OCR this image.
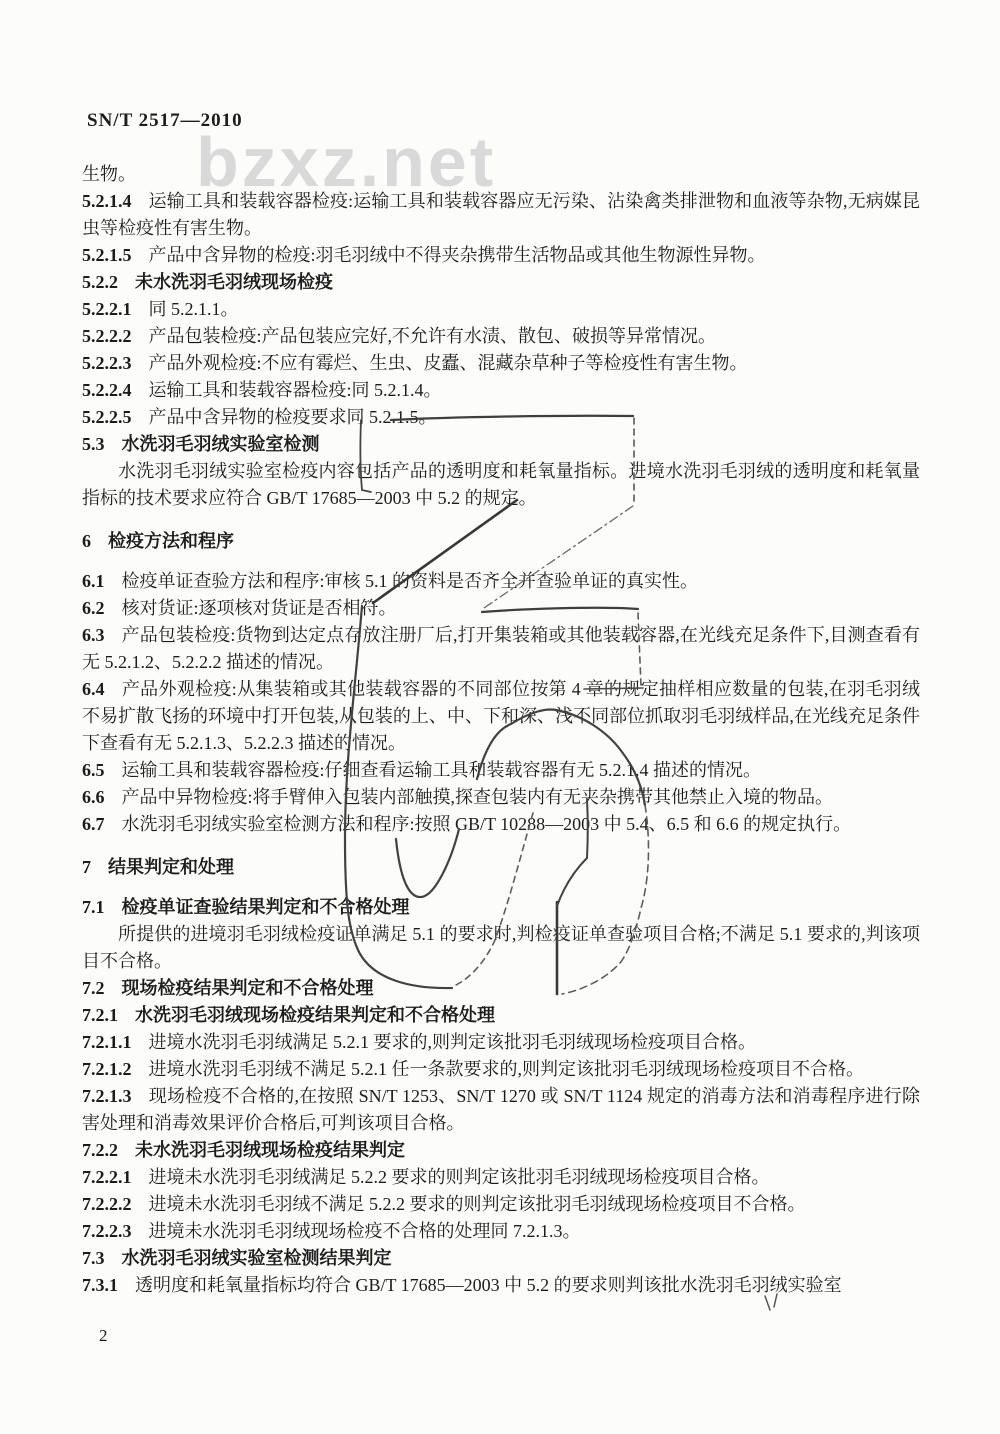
bzxz.net
SN/T 2517—2010
生物。
5.2.1.4 运输工具和装载容器检疫:运输工具和装载容器应无污染、沾染禽类排泄物和血液等杂物,无病媒昆虫等检疫性有害生物。
5.2.1.5 产品中含异物的检疫:羽毛羽绒中不得夹杂携带生活物品或其他生物源性异物。
5.2.2 未水洗羽毛羽绒现场检疫
5.2.2.1 同 5.2.1.1。
5.2.2.2 产品包装检疫:产品包装应完好,不允许有水渍、散包、破损等异常情况。
5.2.2.3 产品外观检疫:不应有霉烂、生虫、皮蠹、混藏杂草种子等检疫性有害生物。
5.2.2.4 运输工具和装载容器检疫:同 5.2.1.4。
5.2.2.5 产品中含异物的检疫要求同 5.2.1.5。
5.3 水洗羽毛羽绒实验室检测
水洗羽毛羽绒实验室检疫内容包括产品的透明度和耗氧量指标。进境水洗羽毛羽绒的透明度和耗氧量指标的技术要求应符合 GB/T 17685—2003 中 5.2 的规定。
6 检疫方法和程序
6.1 检疫单证查验方法和程序:审核 5.1 的资料是否齐全并查验单证的真实性。
6.2 核对货证:逐项核对货证是否相符。
6.3 产品包装检疫:货物到达定点存放注册厂后,打开集装箱或其他装载容器,在光线充足条件下,目测查看有无 5.2.1.2、5.2.2.2 描述的情况。
6.4 产品外观检疫:从集装箱或其他装载容器的不同部位按第 4 章的规定抽样相应数量的包装,在羽毛羽绒不易扩散飞扬的环境中打开包装,从包装的上、中、下和深、浅不同部位抓取羽毛羽绒样品,在光线充足条件下查看有无 5.2.1.3、5.2.2.3 描述的情况。
6.5 运输工具和装载容器检疫:仔细查看运输工具和装载容器有无 5.2.1.4 描述的情况。
6.6 产品中异物检疫:将手臂伸入包装内部触摸,探查包装内有无夹杂携带其他禁止入境的物品。
6.7 水洗羽毛羽绒实验室检测方法和程序:按照 GB/T 10288—2003 中 5.4、6.5 和 6.6 的规定执行。
7 结果判定和处理
7.1 检疫单证查验结果判定和不合格处理
所提供的进境羽毛羽绒检疫证单满足 5.1 的要求时,判检疫证单查验项目合格;不满足 5.1 要求的,判该项目不合格。
7.2 现场检疫结果判定和不合格处理
7.2.1 水洗羽毛羽绒现场检疫结果判定和不合格处理
7.2.1.1 进境水洗羽毛羽绒满足 5.2.1 要求的,则判定该批羽毛羽绒现场检疫项目合格。
7.2.1.2 进境水洗羽毛羽绒不满足 5.2.1 任一条款要求的,则判定该批羽毛羽绒现场检疫项目不合格。
7.2.1.3 现场检疫不合格的,在按照 SN/T 1253、SN/T 1270 或 SN/T 1124 规定的消毒方法和消毒程序进行除害处理和消毒效果评价合格后,可判该项目合格。
7.2.2 未水洗羽毛羽绒现场检疫结果判定
7.2.2.1 进境未水洗羽毛羽绒满足 5.2.2 要求的则判定该批羽毛羽绒现场检疫项目合格。
7.2.2.2 进境未水洗羽毛羽绒不满足 5.2.2 要求的则判定该批羽毛羽绒现场检疫项目不合格。
7.2.2.3 进境未水洗羽毛羽绒现场检疫不合格的处理同 7.2.1.3。
7.3 水洗羽毛羽绒实验室检测结果判定
7.3.1 透明度和耗氧量指标均符合 GB/T 17685—2003 中 5.2 的要求则判该批水洗羽毛羽绒实验室
2
